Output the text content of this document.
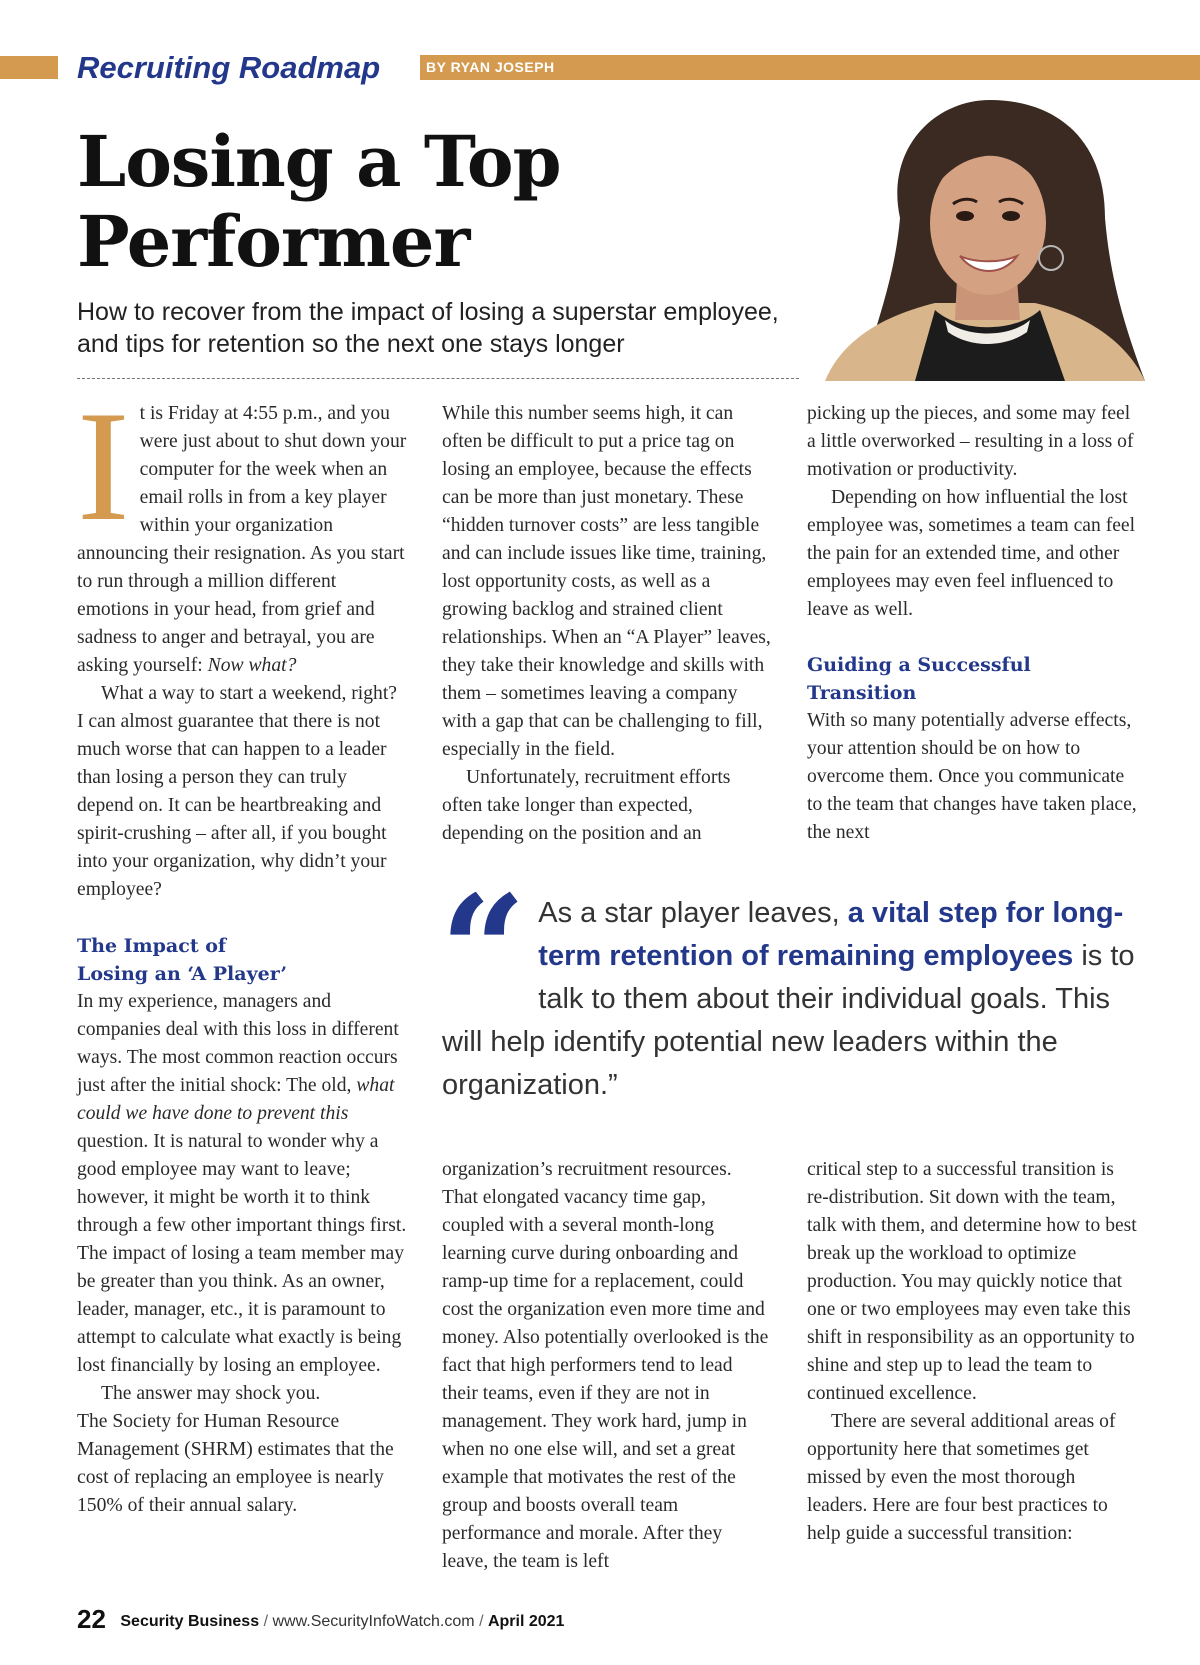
Recruiting Roadmap	BY RYAN JOSEPH
Losing a Top
Performer

How to recover from the impact of losing a superstar employee,
and tips for retention so the next one stays longer

I t is Friday at 4:55 p.m., and you were just about to shut down your computer for the week when an email rolls in from a key player within your organization announcing their resignation. As you start to run through a million different emotions in your head, from grief and sadness to anger and betrayal, you are asking yourself: Now what?

What a way to start a weekend, right? I can almost guarantee that there is not much worse that can happen to a leader than losing a person they can truly depend on. It can be heartbreaking and spirit-crushing – after all, if you bought into your organization, why didn’t your employee?

The Impact of
Losing an ‘A Player’

In my experience, managers and companies deal with this loss in different ways. The most common reaction occurs just after the initial shock: The old, what could we have done to prevent this question. It is natural to wonder why a good employee may want to leave; however, it might be worth it to think through a few other important things first. The impact of losing a team member may be greater than you think. As an owner, leader, manager, etc., it is paramount to attempt to calculate what exactly is being lost financially by losing an employee.

The answer may shock you.

The Society for Human Resource Management (SHRM) estimates that the cost of replacing an employee is nearly 150% of their annual salary.

While this number seems high, it can often be difficult to put a price tag on losing an employee, because the effects can be more than just monetary. These “hidden turnover costs” are less tangible and can include issues like time, training, lost opportunity costs, as well as a growing backlog and strained client relationships. When an “A Player” leaves, they take their knowledge and skills with them – sometimes leaving a company with a gap that can be challenging to fill, especially in the field.

Unfortunately, recruitment efforts often take longer than expected, depending on the position and an

picking up the pieces, and some may feel a little overworked – resulting in a loss of motivation or productivity.

Depending on how influential the lost employee was, sometimes a team can feel the pain for an extended time, and other employees may even feel influenced to leave as well.

Guiding a Successful
Transition

With so many potentially adverse effects, your attention should be on how to overcome them. Once you communicate to the team that changes have taken place, the next

“ As a star player leaves, a vital step for long-term retention of remaining employees is to talk to them about their individual goals. This will help identify potential new leaders within the organization.”

organization’s recruitment resources. That elongated vacancy time gap, coupled with a several month-long learning curve during onboarding and ramp-up time for a replacement, could cost the organization even more time and money. Also potentially overlooked is the fact that high performers tend to lead their teams, even if they are not in management. They work hard, jump in when no one else will, and set a great example that motivates the rest of the group and boosts overall team performance and morale. After they leave, the team is left

critical step to a successful transition is re-distribution. Sit down with the team, talk with them, and determine how to best break up the workload to optimize production. You may quickly notice that one or two employees may even take this shift in responsibility as an opportunity to shine and step up to lead the team to continued excellence.

There are several additional areas of opportunity here that sometimes get missed by even the most thorough leaders. Here are four best practices to help guide a successful transition:

22 Security Business / www.SecurityInfoWatch.com / April 2021
